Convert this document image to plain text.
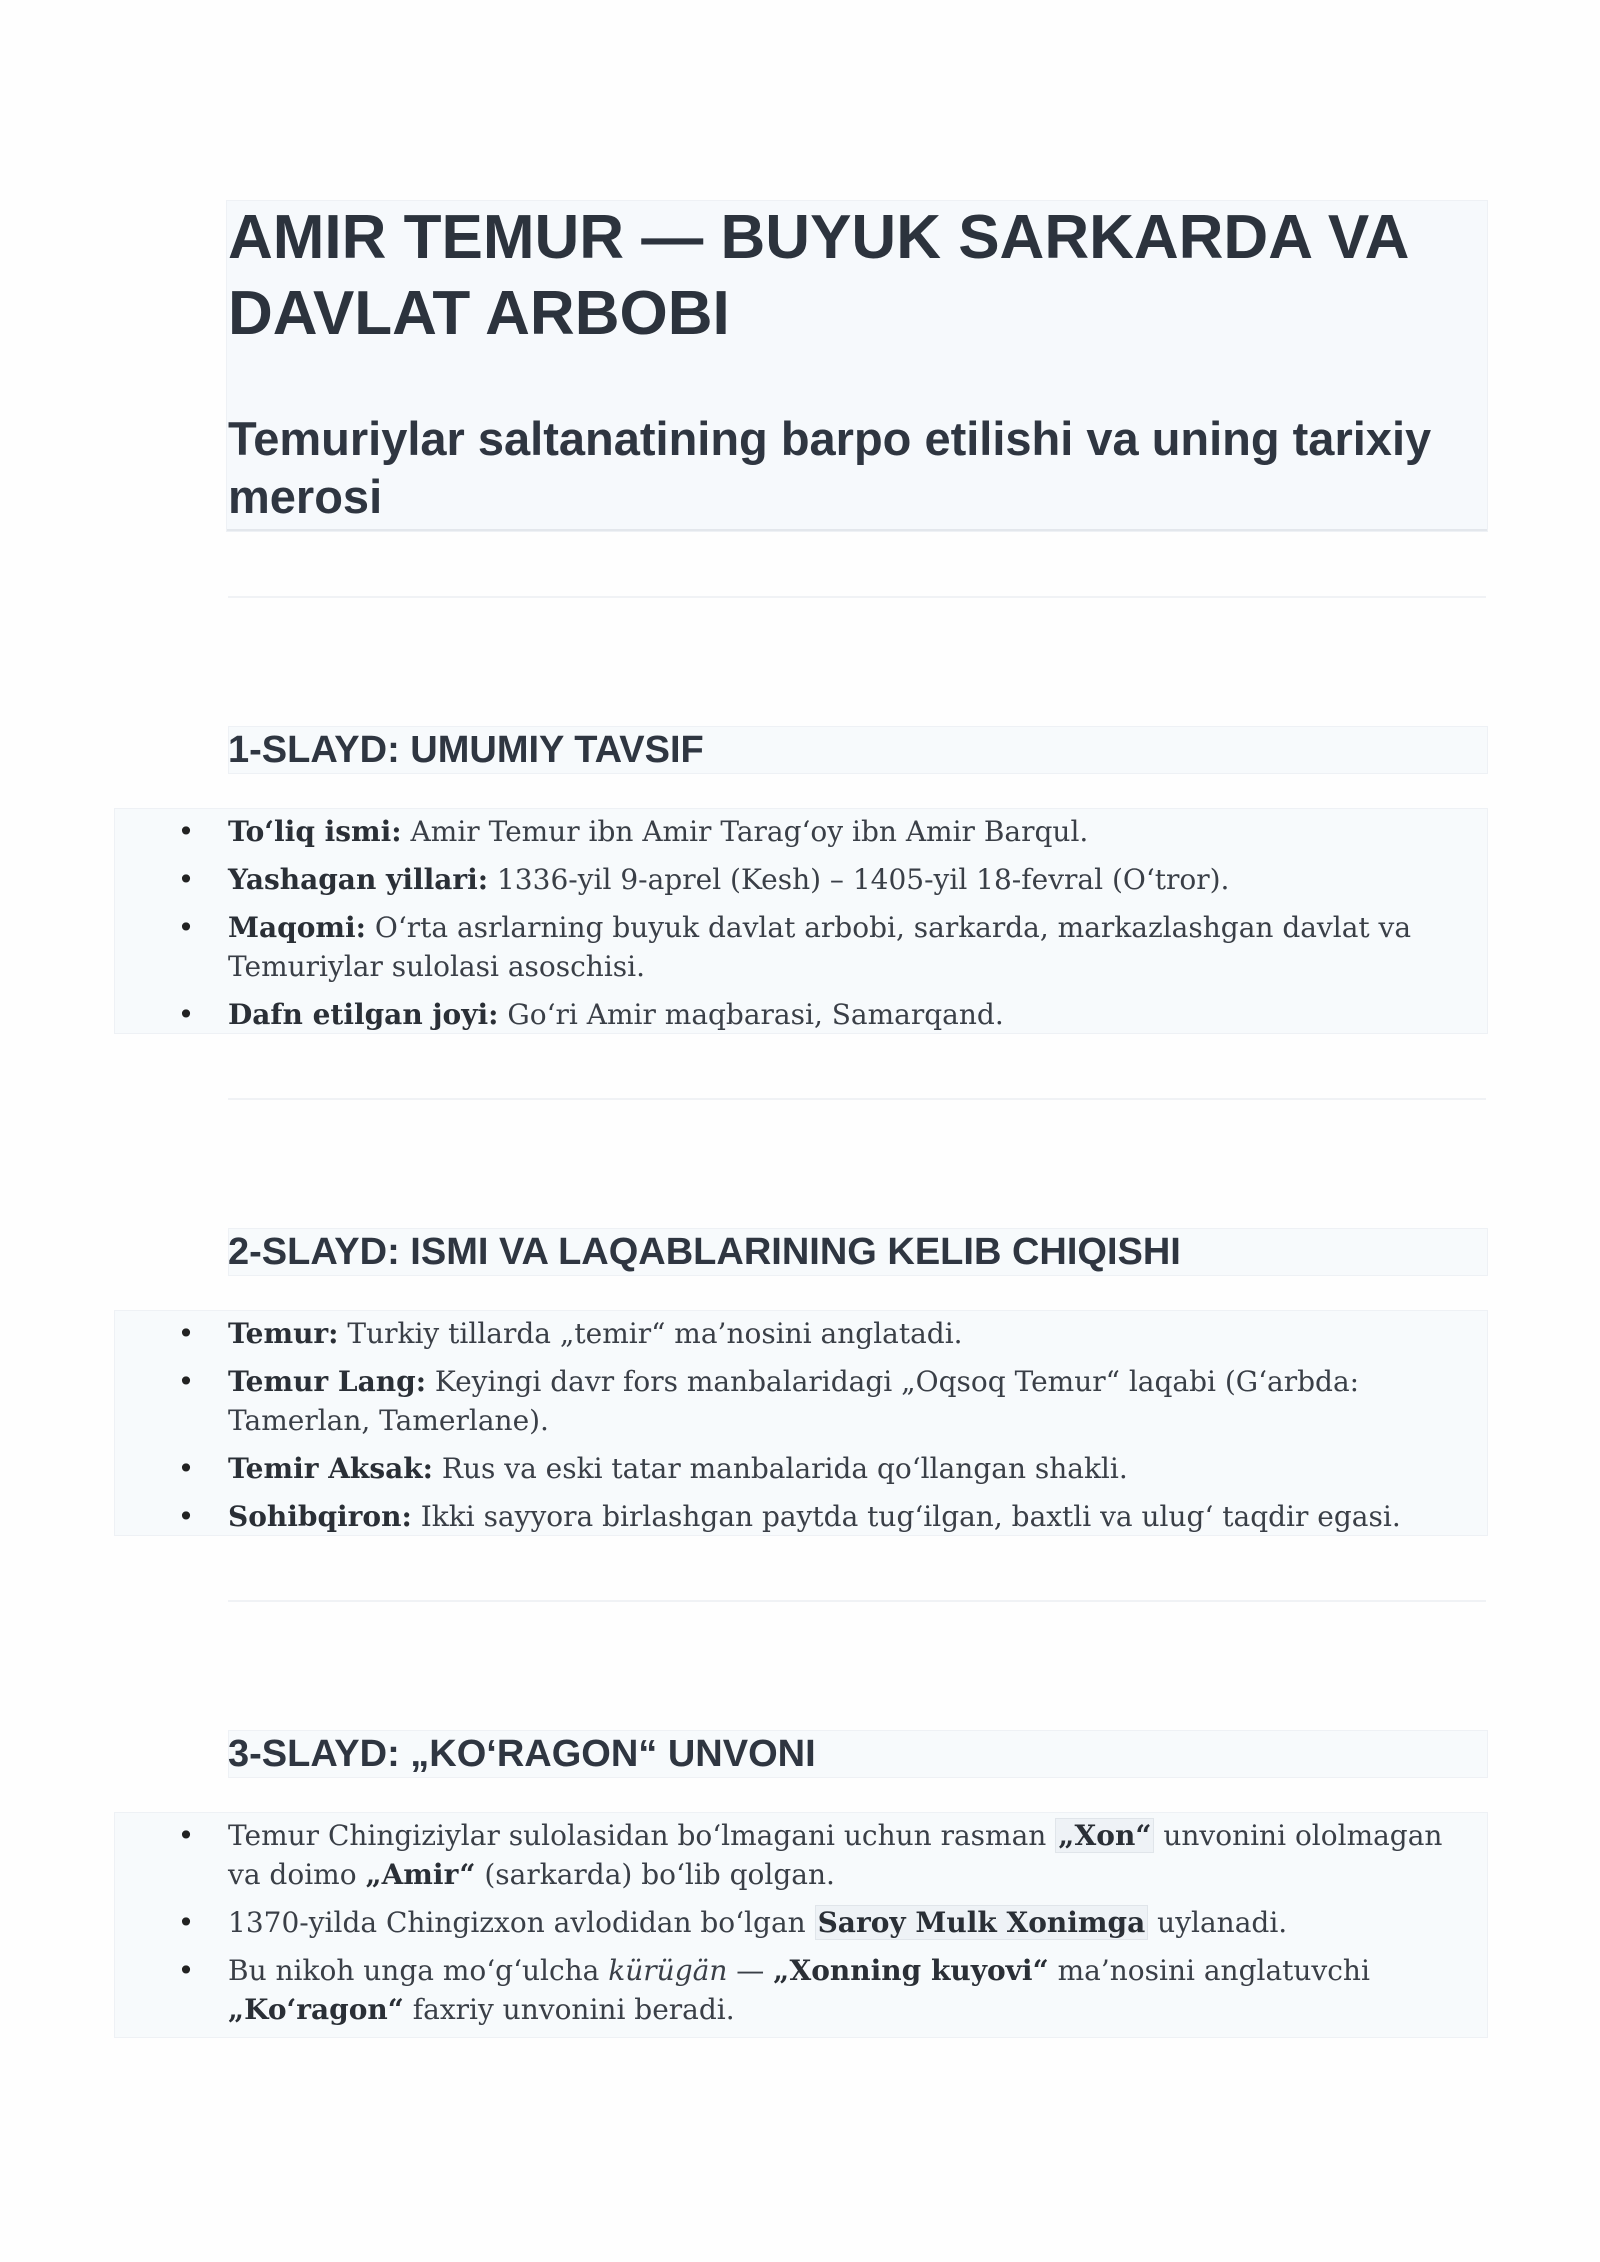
AMIR TEMUR — BUYUK SARKARDA VA DAVLAT ARBOBI
Temuriylar saltanatining barpo etilishi va uning tarixiy merosi
1-SLAYD: UMUMIY TAVSIF
• To‘liq ismi: Amir Temur ibn Amir Tarag‘oy ibn Amir Barqul.
• Yashagan yillari: 1336-yil 9-aprel (Kesh) – 1405-yil 18-fevral (O‘tror).
• Maqomi: O‘rta asrlarning buyuk davlat arbobi, sarkarda, markazlashgan davlat va Temuriylar sulolasi asoschisi.
• Dafn etilgan joyi: Go‘ri Amir maqbarasi, Samarqand.
2-SLAYD: ISMI VA LAQABLARINING KELIB CHIQISHI
• Temur: Turkiy tillarda „temir“ ma’nosini anglatadi.
• Temur Lang: Keyingi davr fors manbalaridagi „Oqsoq Temur“ laqabi (G‘arbda: Tamerlan, Tamerlane).
• Temir Aksak: Rus va eski tatar manbalarida qo‘llangan shakli.
• Sohibqiron: Ikki sayyora birlashgan paytda tug‘ilgan, baxtli va ulug‘ taqdir egasi.
3-SLAYD: „KO‘RAGON“ UNVONI
• Temur Chingiziylar sulolasidan bo‘lmagani uchun rasman „Xon“ unvonini ololmagan va doimo „Amir“ (sarkarda) bo‘lib qolgan.
• 1370-yilda Chingizxon avlodidan bo‘lgan Saroy Mulk Xonimga uylanadi.
• Bu nikoh unga mo‘g‘ulcha kürügän — „Xonning kuyovi“ ma’nosini anglatuvchi „Ko‘ragon“ faxriy unvonini beradi.
